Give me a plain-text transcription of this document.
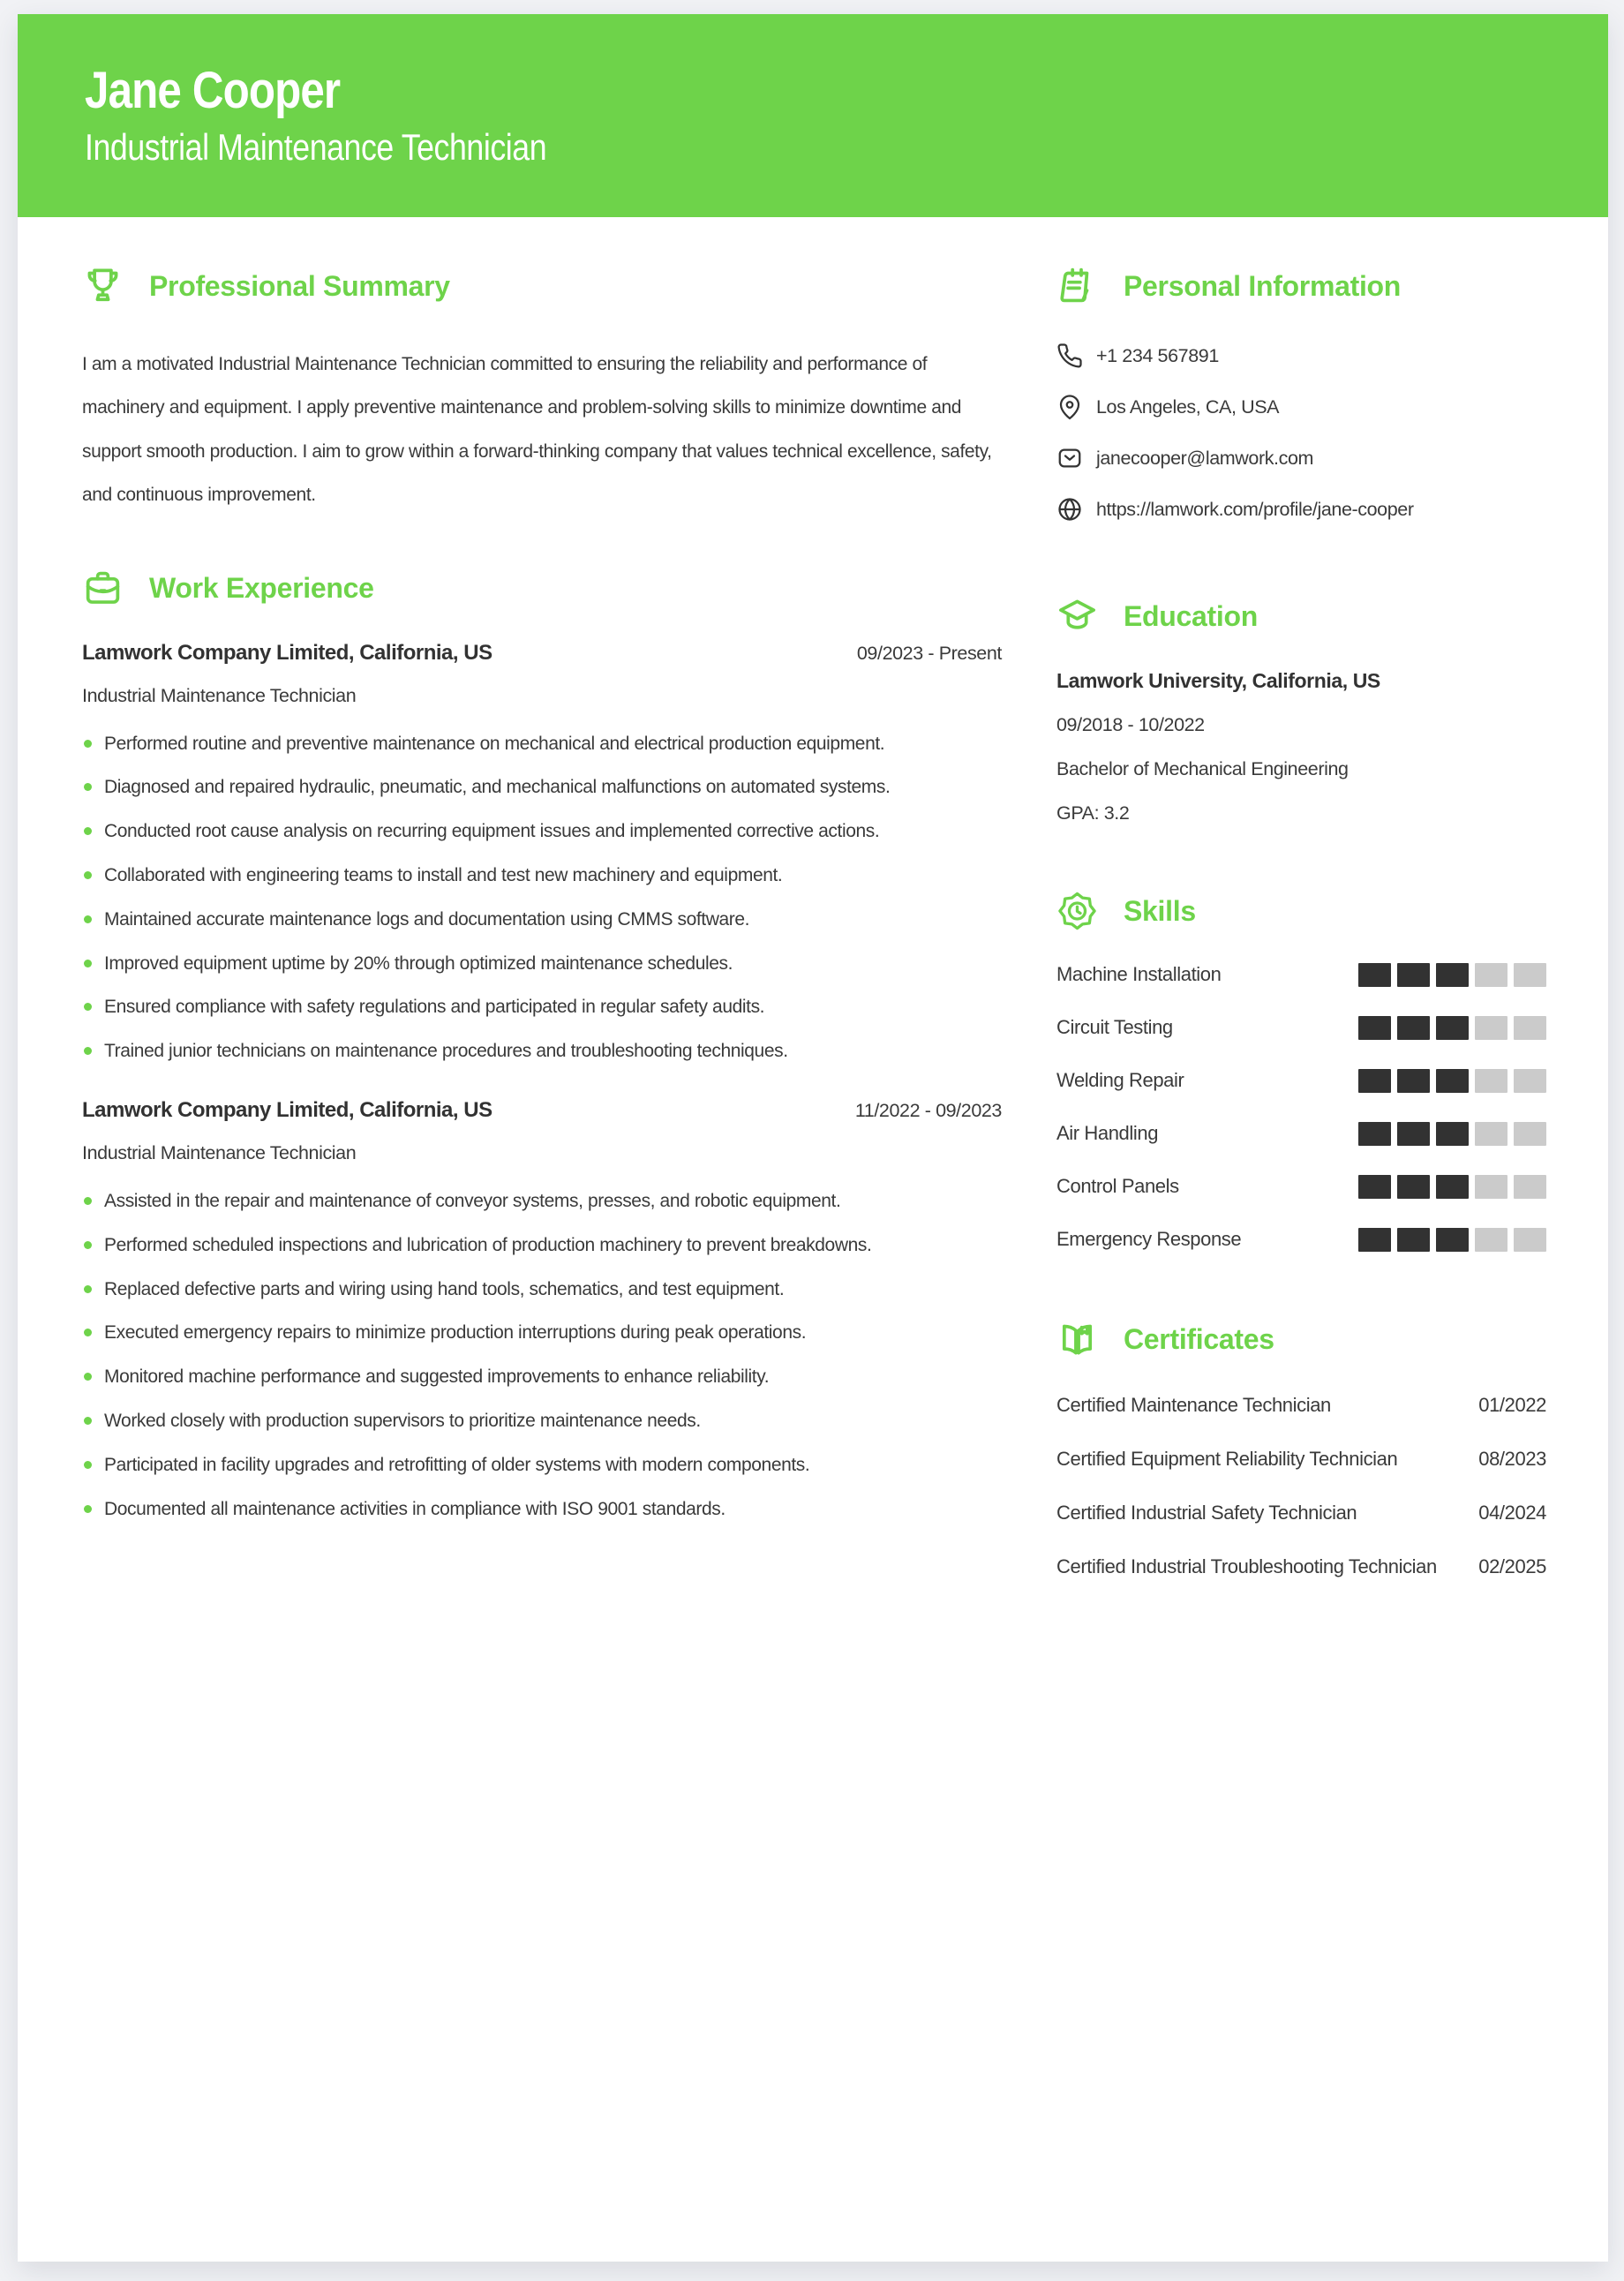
Jane Cooper
Industrial Maintenance Technician
Professional Summary

I am a motivated Industrial Maintenance Technician committed to ensuring the reliability and performance of machinery and equipment. I apply preventive maintenance and problem-solving skills to minimize downtime and support smooth production. I aim to grow within a forward-thinking company that values technical excellence, safety, and continuous improvement.

Work Experience
Lamwork Company Limited, California, US	09/2023 - Present
Industrial Maintenance Technician
Performed routine and preventive maintenance on mechanical and electrical production equipment.
Diagnosed and repaired hydraulic, pneumatic, and mechanical malfunctions on automated systems.
Conducted root cause analysis on recurring equipment issues and implemented corrective actions.
Collaborated with engineering teams to install and test new machinery and equipment.
Maintained accurate maintenance logs and documentation using CMMS software.
Improved equipment uptime by 20% through optimized maintenance schedules.
Ensured compliance with safety regulations and participated in regular safety audits.
Trained junior technicians on maintenance procedures and troubleshooting techniques.
Lamwork Company Limited, California, US	11/2022 - 09/2023
Industrial Maintenance Technician
Assisted in the repair and maintenance of conveyor systems, presses, and robotic equipment.
Performed scheduled inspections and lubrication of production machinery to prevent breakdowns.
Replaced defective parts and wiring using hand tools, schematics, and test equipment.
Executed emergency repairs to minimize production interruptions during peak operations.
Monitored machine performance and suggested improvements to enhance reliability.
Worked closely with production supervisors to prioritize maintenance needs.
Participated in facility upgrades and retrofitting of older systems with modern components.
Documented all maintenance activities in compliance with ISO 9001 standards.
Personal Information
+1 234 567891
Los Angeles, CA, USA
janecooper@lamwork.com
https://lamwork.com/profile/jane-cooper
Education
Lamwork University, California, US
09/2018 - 10/2022
Bachelor of Mechanical Engineering
GPA: 3.2
Skills
Machine Installation
Circuit Testing
Welding Repair
Air Handling
Control Panels
Emergency Response
Certificates
Certified Maintenance Technician	01/2022
Certified Equipment Reliability Technician	08/2023
Certified Industrial Safety Technician	04/2024
Certified Industrial Troubleshooting Technician	02/2025
